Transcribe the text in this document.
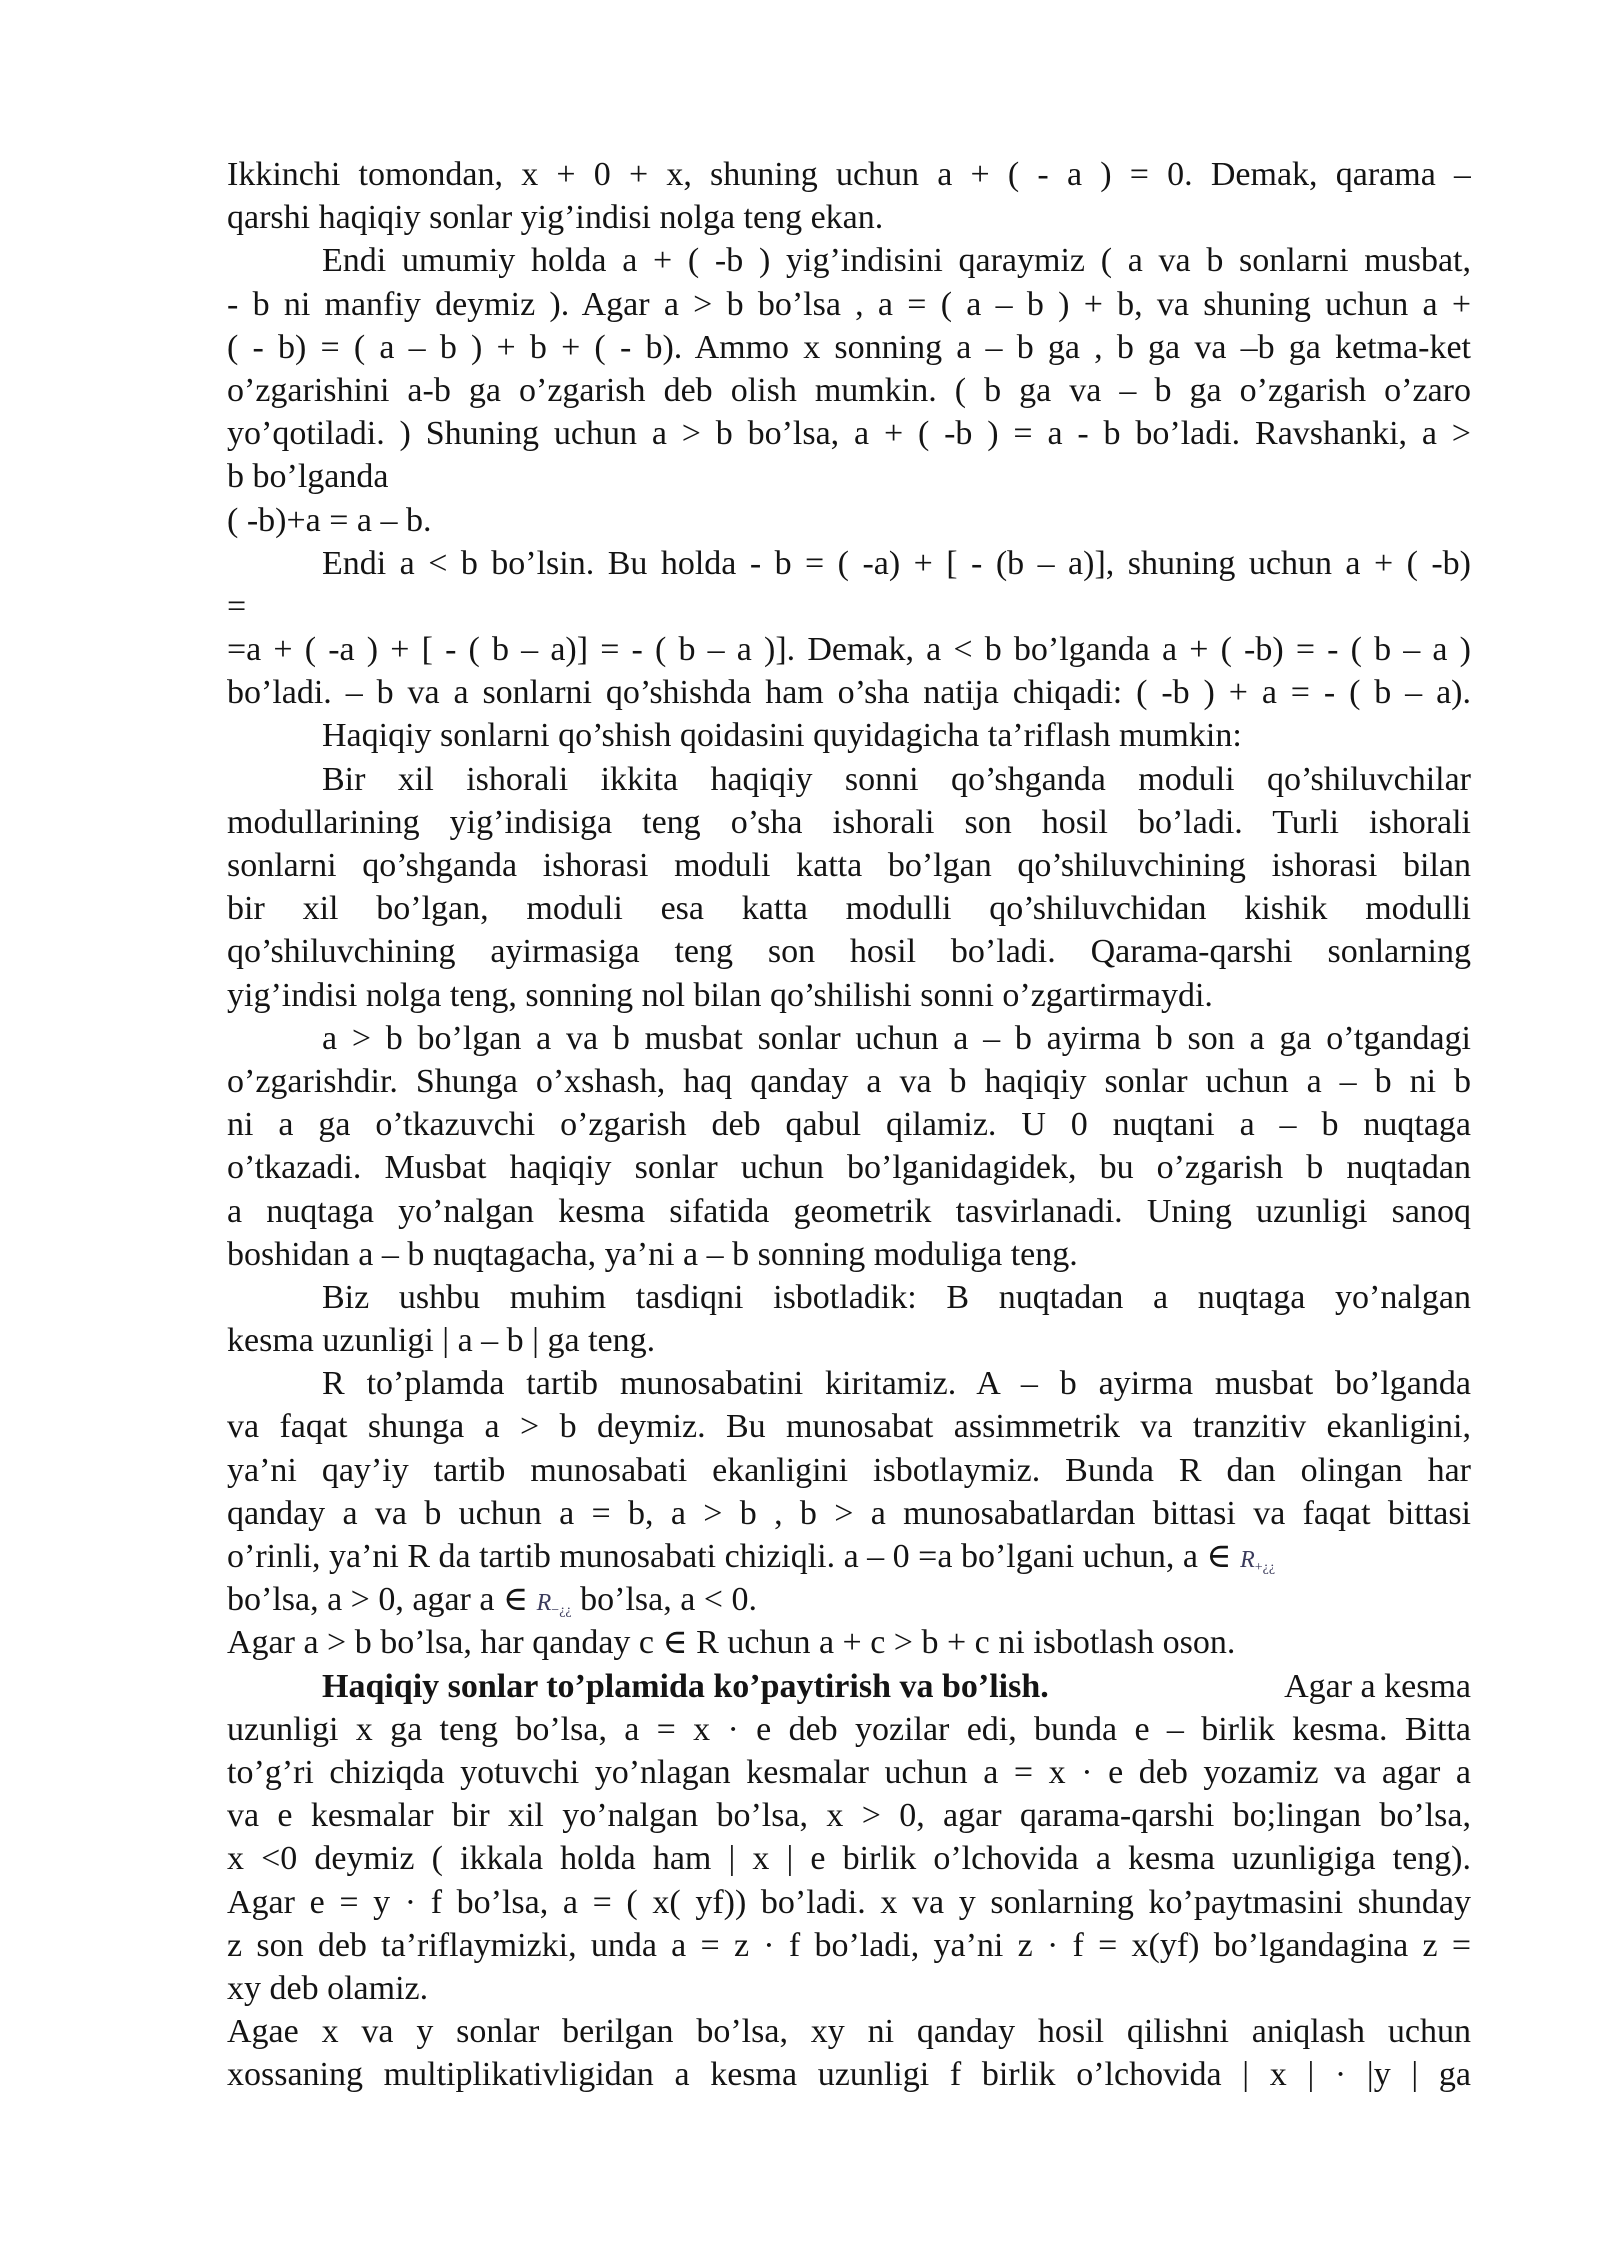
Ikkinchi tomondan, x + 0 + x, shuning uchun a + ( - a ) = 0. Demak, qarama –
qarshi haqiqiy sonlar yig’indisi nolga teng ekan.
Endi umumiy holda a + ( -b ) yig’indisini qaraymiz ( a va b sonlarni musbat,
- b ni manfiy deymiz ). Agar a > b bo’lsa , a = ( a – b ) + b, va shuning uchun a +
( - b) = ( a – b ) + b + ( - b). Ammo x sonning a – b ga , b ga va –b ga ketma-ket
o’zgarishini a-b ga o’zgarish deb olish mumkin. ( b ga va – b ga o’zgarish o’zaro
yo’qotiladi. ) Shuning uchun a > b bo’lsa, a + ( -b ) = a - b bo’ladi. Ravshanki, a >
b bo’lganda
( -b)+a = a – b.
Endi a < b bo’lsin. Bu holda - b = ( -a) + [ - (b – a)], shuning uchun a + ( -b)
=
=a + ( -a ) + [ - ( b – a)] = - ( b – a )]. Demak, a < b bo’lganda a + ( -b) = - ( b – a )
bo’ladi. – b va a sonlarni qo’shishda ham o’sha natija chiqadi: ( -b ) + a = - ( b – a).
Haqiqiy sonlarni qo’shish qoidasini quyidagicha ta’riflash mumkin:
Bir xil ishorali ikkita haqiqiy sonni qo’shganda moduli qo’shiluvchilar
modullarining yig’indisiga teng o’sha ishorali son hosil bo’ladi. Turli ishorali
sonlarni qo’shganda ishorasi moduli katta bo’lgan qo’shiluvchining ishorasi bilan
bir xil bo’lgan, moduli esa katta modulli qo’shiluvchidan kishik modulli
qo’shiluvchining ayirmasiga teng son hosil bo’ladi. Qarama-qarshi sonlarning
yig’indisi nolga teng, sonning nol bilan qo’shilishi sonni o’zgartirmaydi.
a > b bo’lgan a va b musbat sonlar uchun a – b ayirma b son a ga o’tgandagi
o’zgarishdir. Shunga o’xshash, haq qanday a va b haqiqiy sonlar uchun a – b ni b
ni a ga o’tkazuvchi o’zgarish deb qabul qilamiz. U 0 nuqtani a – b nuqtaga
o’tkazadi. Musbat haqiqiy sonlar uchun bo’lganidagidek, bu o’zgarish b nuqtadan
a nuqtaga yo’nalgan kesma sifatida geometrik tasvirlanadi. Uning uzunligi sanoq
boshidan a – b nuqtagacha, ya’ni a – b sonning moduliga teng.
Biz ushbu muhim tasdiqni isbotladik: B nuqtadan a nuqtaga yo’nalgan
kesma uzunligi | a – b | ga teng.
R to’plamda tartib munosabatini kiritamiz. A – b ayirma musbat bo’lganda
va faqat shunga a > b deymiz. Bu munosabat assimmetrik va tranzitiv ekanligini,
ya’ni qay’iy tartib munosabati ekanligini isbotlaymiz. Bunda R dan olingan har
qanday a va b uchun a = b, a > b , b > a munosabatlardan bittasi va faqat bittasi
o’rinli, ya’ni R da tartib munosabati chiziqli. a – 0 =a bo’lgani uchun, a ∈ R+¿¿
bo’lsa, a > 0, agar a ∈ R−¿¿ bo’lsa, a < 0.
Agar a > b bo’lsa, har qanday c ∈ R uchun a + c > b + c ni isbotlash oson.
Haqiqiy sonlar to’plamida ko’paytirish va bo’lish.	Agar a kesma
uzunligi x ga teng bo’lsa, a = x · e deb yozilar edi, bunda e – birlik kesma. Bitta
to’g’ri chiziqda yotuvchi yo’nlagan kesmalar uchun a = x · e deb yozamiz va agar a
va e kesmalar bir xil yo’nalgan bo’lsa, x > 0, agar qarama-qarshi bo;lingan bo’lsa,
x <0 deymiz ( ikkala holda ham | x | e birlik o’lchovida a kesma uzunligiga teng).
Agar e = y · f bo’lsa, a = ( x( yf)) bo’ladi. x va y sonlarning ko’paytmasini shunday
z son deb ta’riflaymizki, unda a = z · f bo’ladi, ya’ni z · f = x(yf) bo’lgandagina z =
xy deb olamiz.
Agae x va y sonlar berilgan bo’lsa, xy ni qanday hosil qilishni aniqlash uchun
xossaning multiplikativligidan a kesma uzunligi f birlik o’lchovida | x | · |y | ga
